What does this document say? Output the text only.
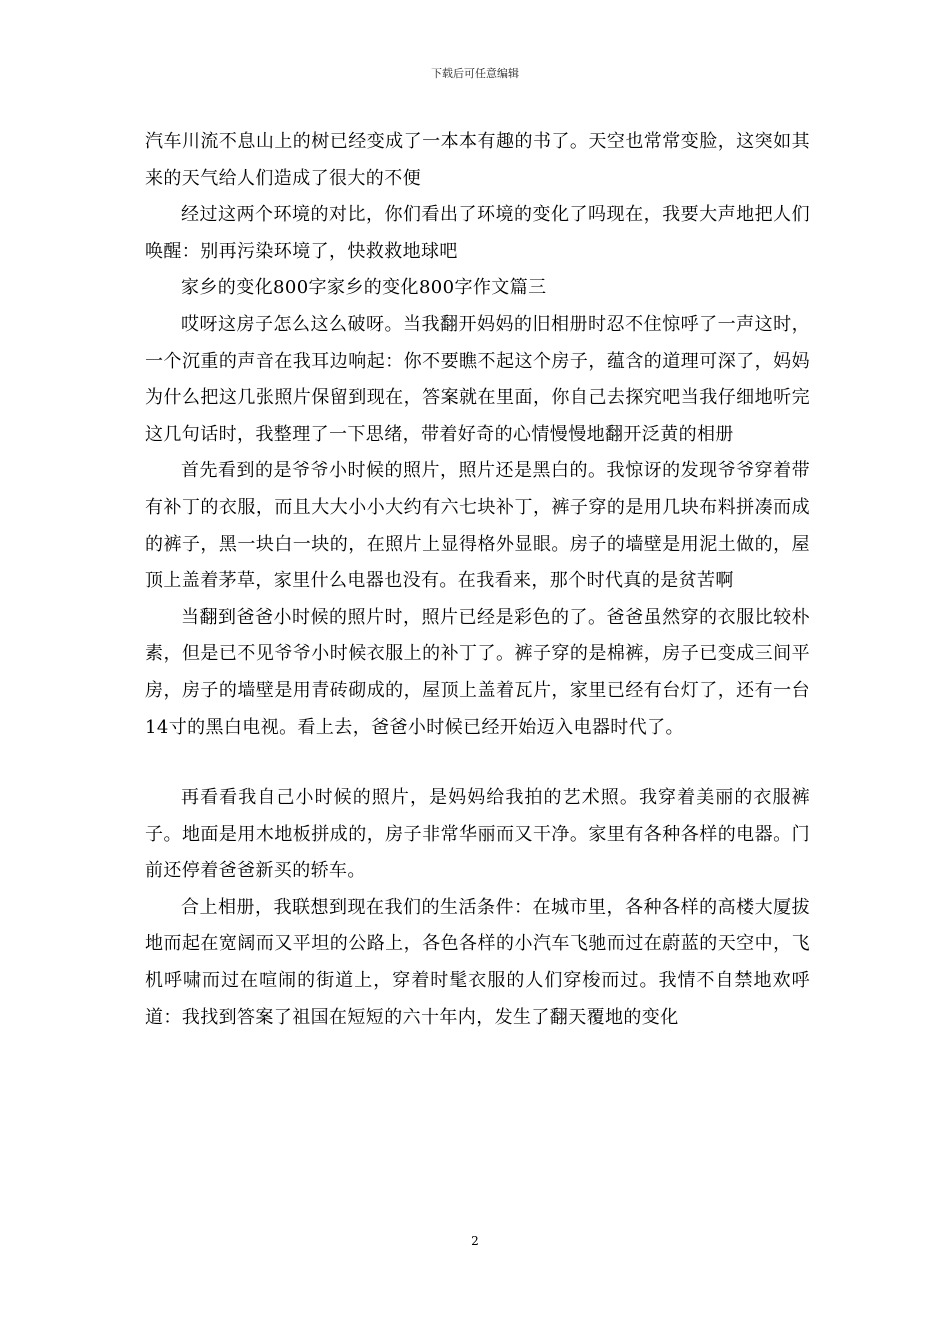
下载后可任意编辑

汽车川流不息山上的树已经变成了一本本有趣的书了。天空也常常变脸，这突如其来的天气给人们造成了很大的不便

经过这两个环境的对比，你们看出了环境的变化了吗现在，我要大声地把人们唤醒：别再污染环境了，快救救地球吧

家乡的变化800字家乡的变化800字作文篇三

哎呀这房子怎么这么破呀。当我翻开妈妈的旧相册时忍不住惊呼了一声这时，一个沉重的声音在我耳边响起：你不要瞧不起这个房子，蕴含的道理可深了，妈妈为什么把这几张照片保留到现在，答案就在里面，你自己去探究吧当我仔细地听完这几句话时，我整理了一下思绪，带着好奇的心情慢慢地翻开泛黄的相册

首先看到的是爷爷小时候的照片，照片还是黑白的。我惊讶的发现爷爷穿着带有补丁的衣服，而且大大小小大约有六七块补丁，裤子穿的是用几块布料拼凑而成的裤子，黑一块白一块的，在照片上显得格外显眼。房子的墙壁是用泥土做的，屋顶上盖着茅草，家里什么电器也没有。在我看来，那个时代真的是贫苦啊

当翻到爸爸小时候的照片时，照片已经是彩色的了。爸爸虽然穿的衣服比较朴素，但是已不见爷爷小时候衣服上的补丁了。裤子穿的是棉裤，房子已变成三间平房，房子的墙壁是用青砖砌成的，屋顶上盖着瓦片，家里已经有台灯了，还有一台14寸的黑白电视。看上去，爸爸小时候已经开始迈入电器时代了。

再看看我自己小时候的照片，是妈妈给我拍的艺术照。我穿着美丽的衣服裤子。地面是用木地板拼成的，房子非常华丽而又干净。家里有各种各样的电器。门前还停着爸爸新买的轿车。

合上相册，我联想到现在我们的生活条件：在城市里，各种各样的高楼大厦拔地而起在宽阔而又平坦的公路上，各色各样的小汽车飞驰而过在蔚蓝的天空中，飞机呼啸而过在喧闹的街道上，穿着时髦衣服的人们穿梭而过。我情不自禁地欢呼道：我找到答案了祖国在短短的六十年内，发生了翻天覆地的变化

2
